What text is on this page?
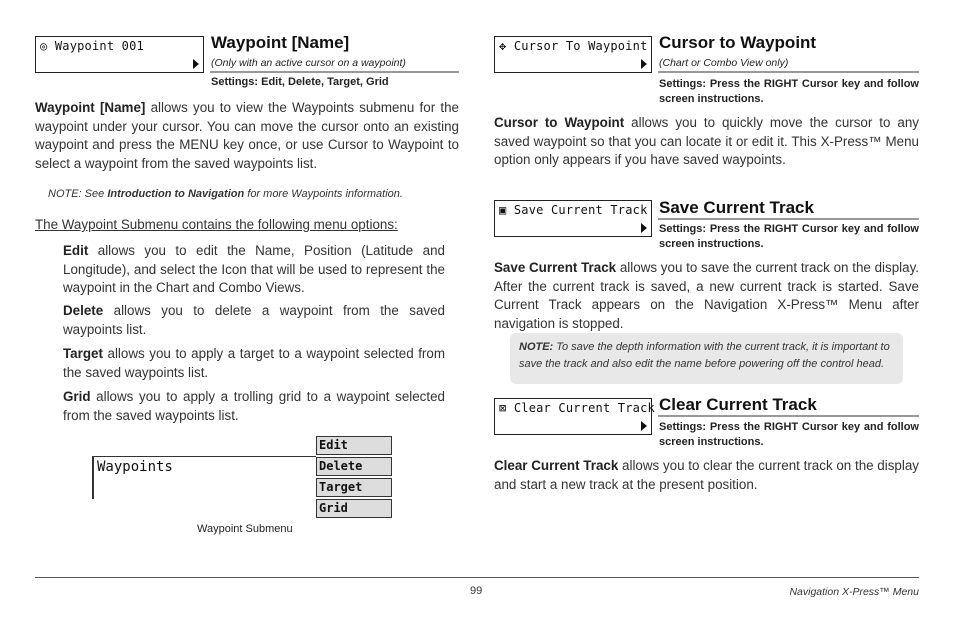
◎ Waypoint 001	Waypoint [Name]
(Only with an active cursor on a waypoint)
Settings: Edit, Delete, Target, Grid

Waypoint [Name] allows you to view the Waypoints submenu for the waypoint under your cursor. You can move the cursor onto an existing waypoint and press the MENU key once, or use Cursor to Waypoint to select a waypoint from the saved waypoints list.

NOTE: See Introduction to Navigation for more Waypoints information.
The Waypoint Submenu contains the following menu options:

Edit allows you to edit the Name, Position (Latitude and Longitude), and select the Icon that will be used to represent the waypoint in the Chart and Combo Views.

Delete allows you to delete a waypoint from the saved waypoints list.

Target allows you to apply a target to a waypoint selected from the saved waypoints list.

Grid allows you to apply a trolling grid to a waypoint selected from the saved waypoints list.

Waypoints
Edit
Delete
Target
Grid
Waypoint Submenu
✥ Cursor To Waypoint Cursor to Waypoint
(Chart or Combo View only)
Settings: Press the RIGHT Cursor key and follow screen instructions.

Cursor to Waypoint allows you to quickly move the cursor to any saved waypoint so that you can locate it or edit it. This X-Press™ Menu option only appears if you have saved waypoints.

▣ Save Current Track Save Current Track
Settings: Press the RIGHT Cursor key and follow screen instructions.

Save Current Track allows you to save the current track on the display. After the current track is saved, a new current track is started. Save Current Track appears on the Navigation X-Press™ Menu after navigation is stopped.

NOTE: To save the depth information with the current track, it is important to save the track and also edit the name before powering off the control head.
⊠ Clear Current Track Clear Current Track
Settings: Press the RIGHT Cursor key and follow screen instructions.

Clear Current Track allows you to clear the current track on the display and start a new track at the present position.

99	Navigation X-Press™ Menu
